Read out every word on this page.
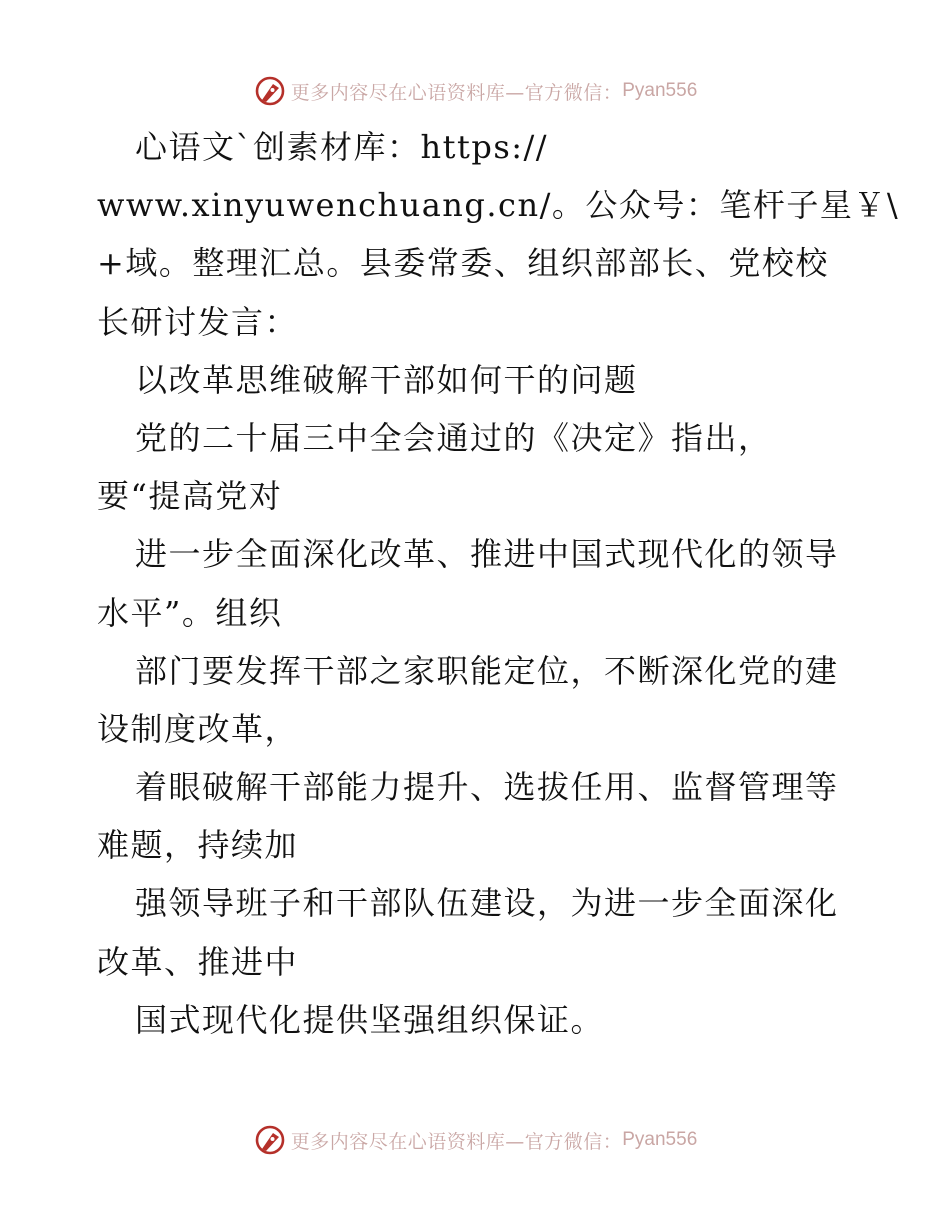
更多内容尽在心语资料库—官方微信： Pyan556
心语文`创素材库：https://
www.xinyuwenchuang.cn/。公众号：笔杆子星￥\
+域。整理汇总。县委常委、组织部部长、党校校
长研讨发言：
以改革思维破解干部如何干的问题
党的二十届三中全会通过的《决定》指出，
要“提高党对
进一步全面深化改革、推进中国式现代化的领导
水平”。组织
部门要发挥干部之家职能定位，不断深化党的建
设制度改革，
着眼破解干部能力提升、选拔任用、监督管理等
难题，持续加
强领导班子和干部队伍建设，为进一步全面深化
改革、推进中
国式现代化提供坚强组织保证。
更多内容尽在心语资料库—官方微信： Pyan556
